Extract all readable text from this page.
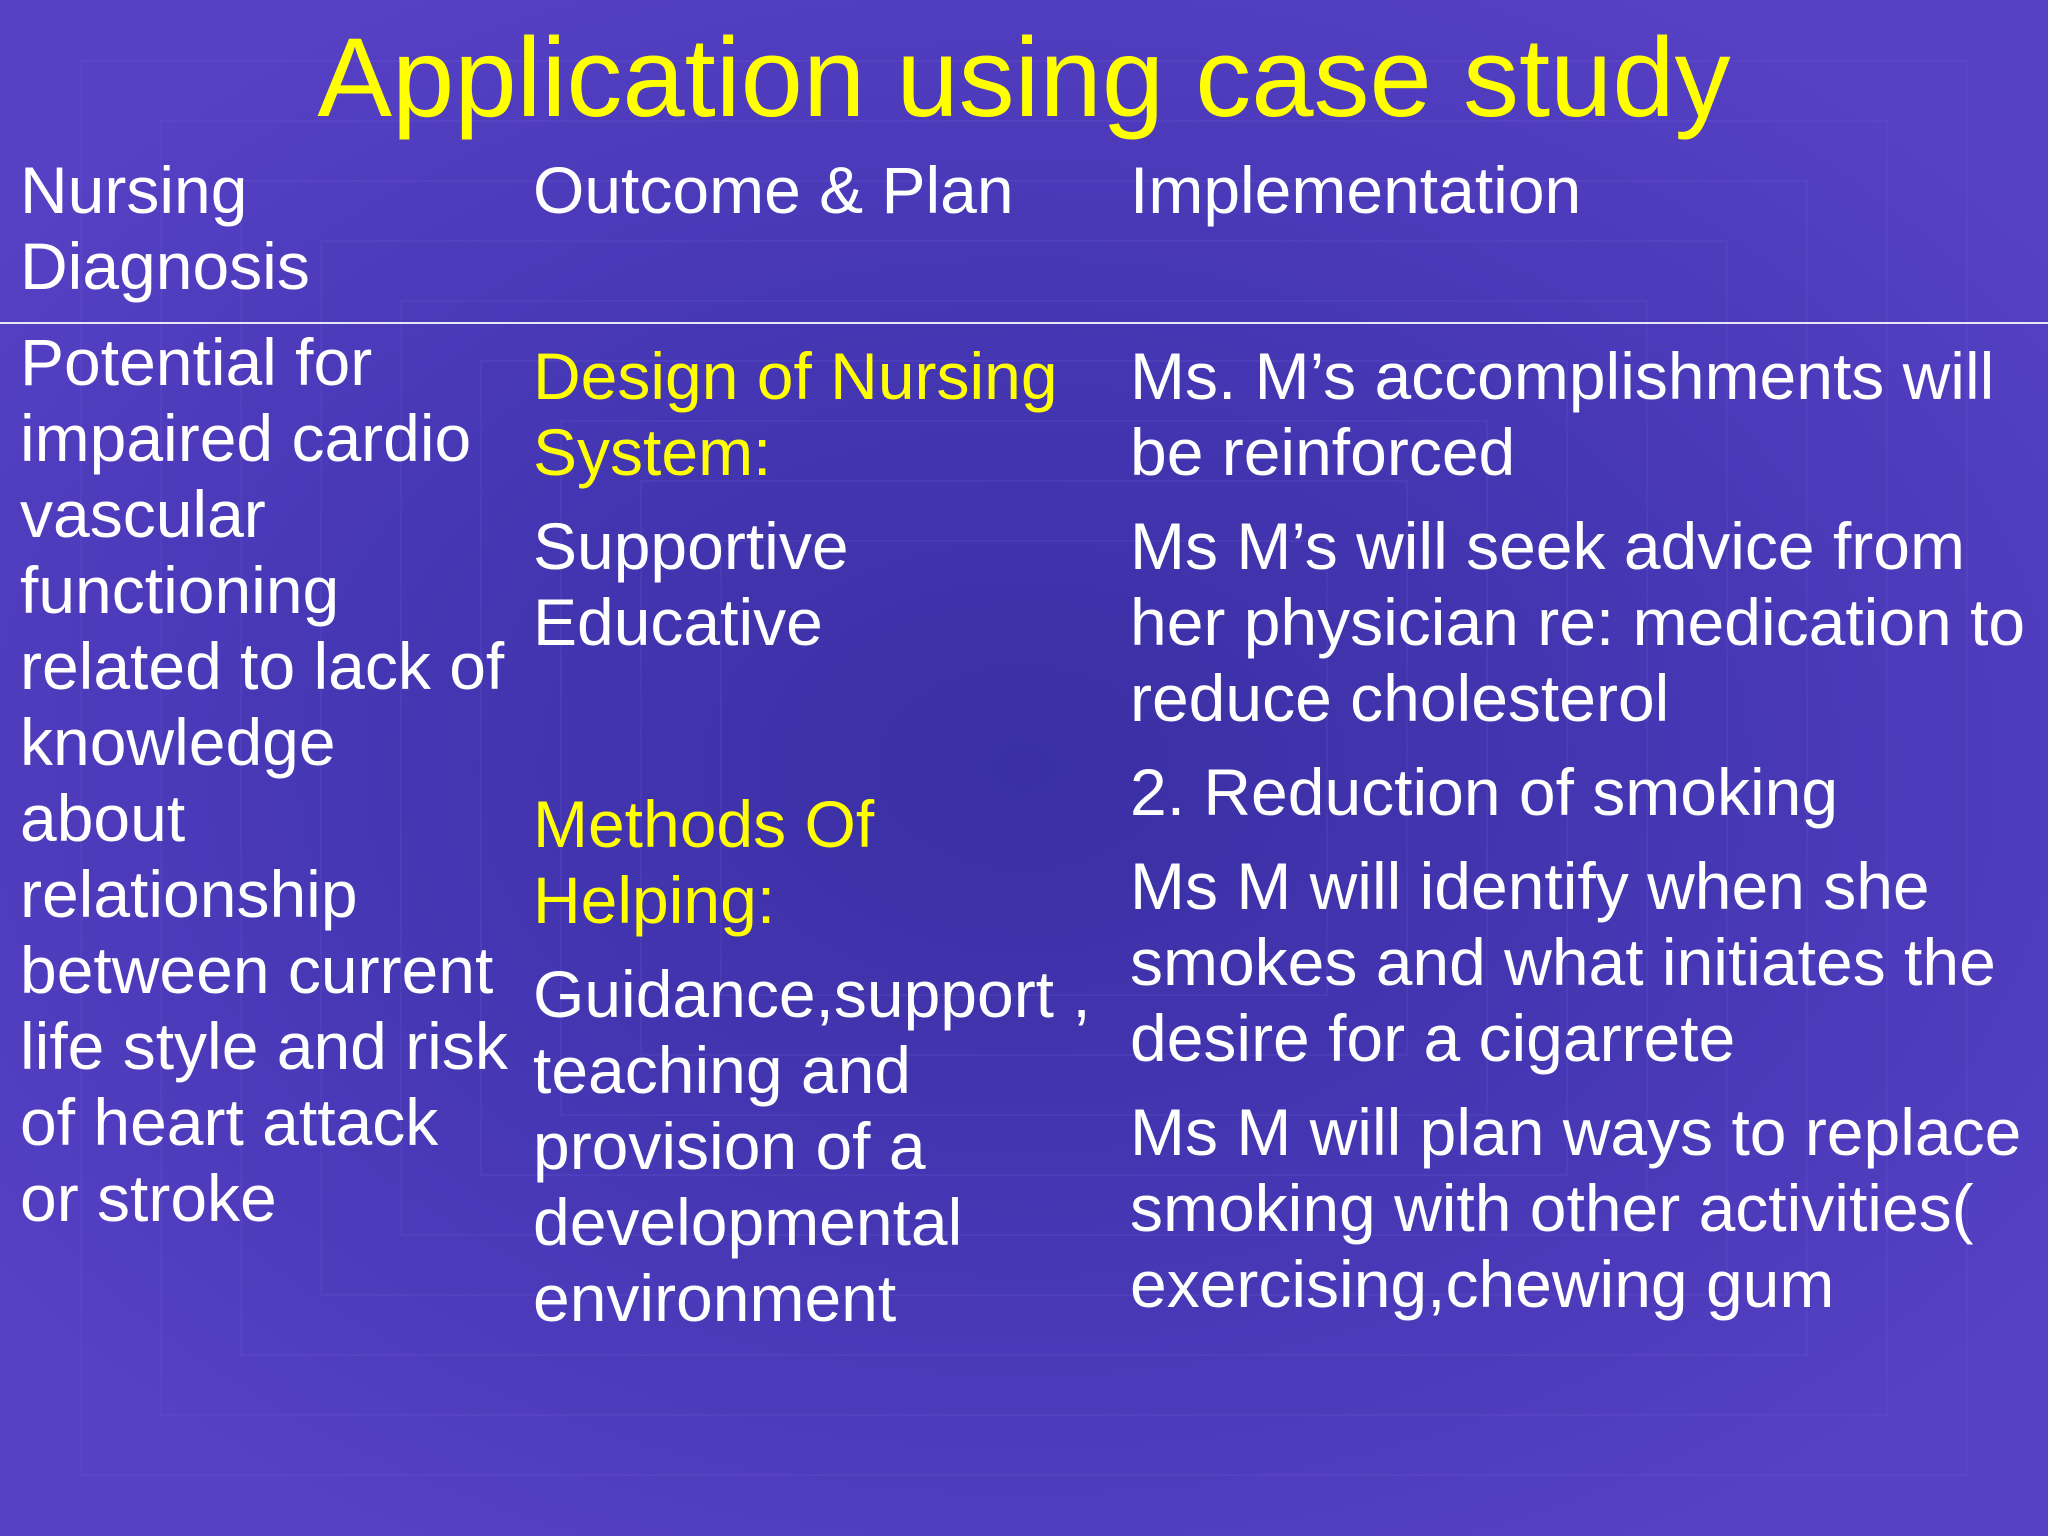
Application using case study

Nursing Diagnosis

Outcome & Plan	Implementation

Potential for impaired cardio vascular functioning related to lack of knowledge about relationship between current life style and risk of heart attack or stroke

Design of Nursing System:

Supportive Educative

Methods Of Helping:

Guidance,support , teaching and provision of a developmental environment

Ms. M’s accomplishments will be reinforced

Ms M’s will seek advice from her physician re: medication to reduce cholesterol

2. Reduction of smoking

Ms M will identify when she smokes and what initiates the desire for a cigarrete

Ms M will plan ways to replace smoking with other activities( exercising,chewing gum
